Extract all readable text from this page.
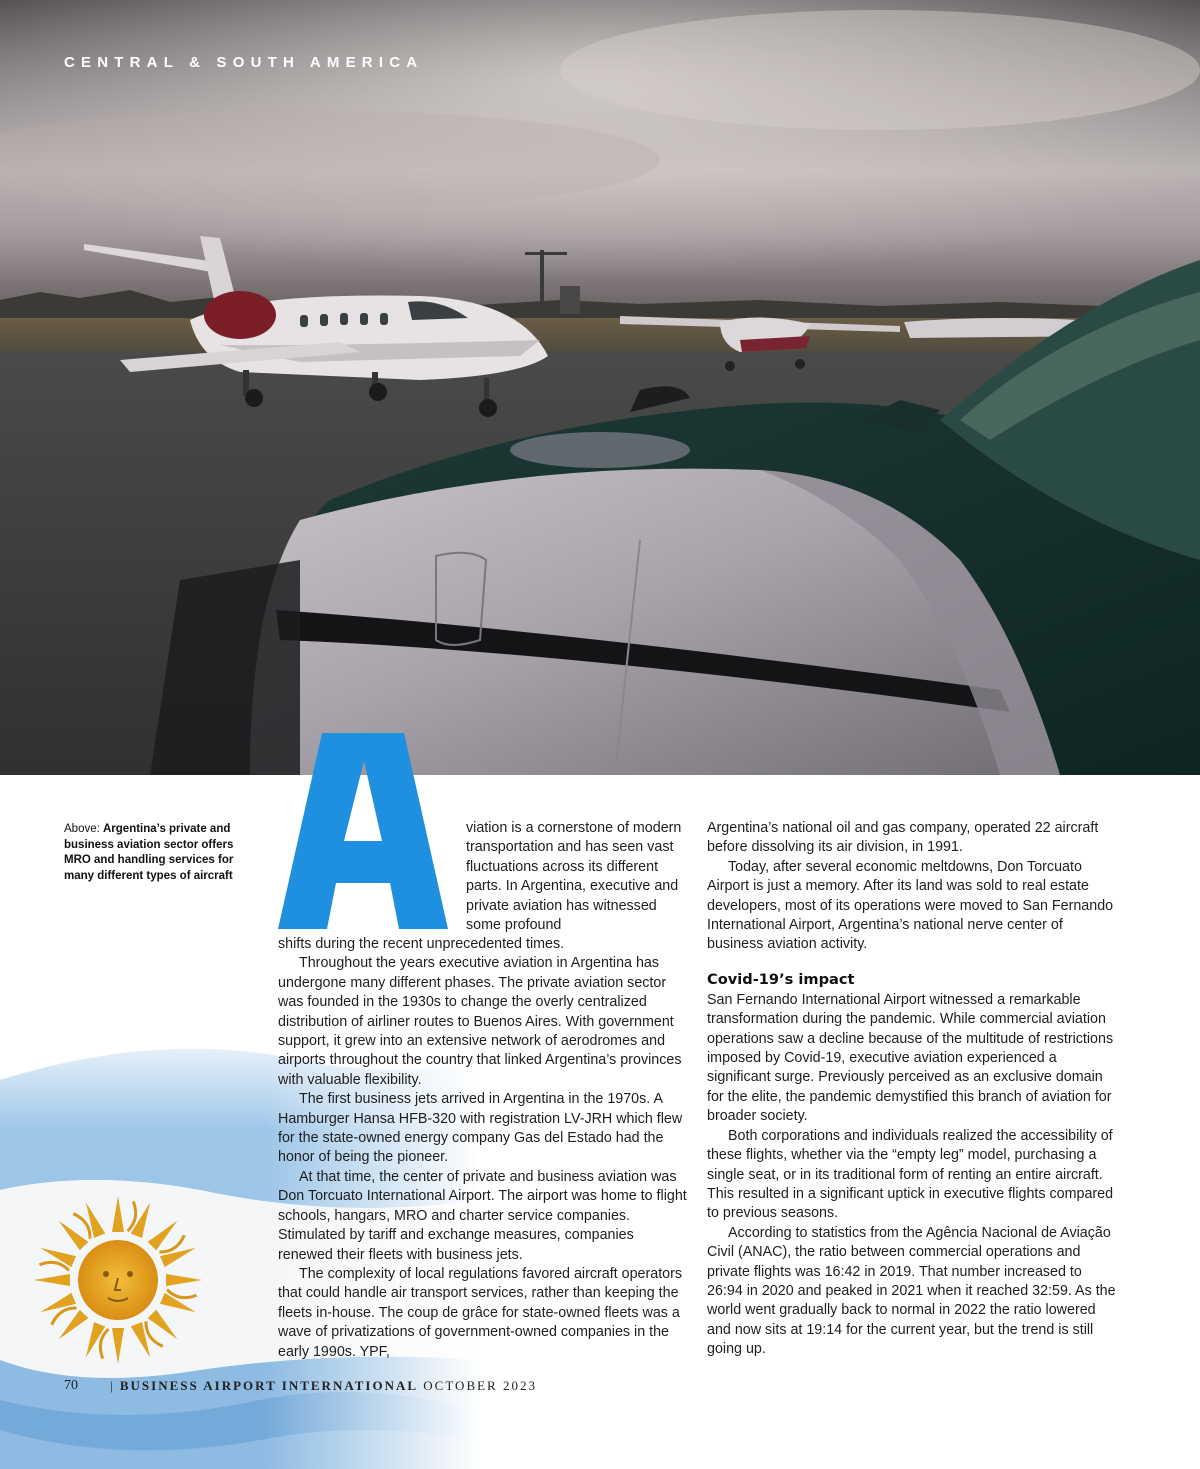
CENTRAL & SOUTH AMERICA

Above: Argentina’s private and business aviation sector offers MRO and handling services for many different types of aircraft

viation is a cornerstone of modern transportation and has seen vast fluctuations across its different parts. In Argentina, executive and private aviation has witnessed some profound

shifts during the recent unprecedented times.

Throughout the years executive aviation in Argentina has undergone many different phases. The private aviation sector was founded in the 1930s to change the overly centralized distribution of airliner routes to Buenos Aires. With government support, it grew into an extensive network of aerodromes and airports throughout the country that linked Argentina’s provinces with valuable flexibility.

The first business jets arrived in Argentina in the 1970s. A Hamburger Hansa HFB-320 with registration LV-JRH which flew for the state-owned energy company Gas del Estado had the honor of being the pioneer.

At that time, the center of private and business aviation was Don Torcuato International Airport. The airport was home to flight schools, hangars, MRO and charter service companies. Stimulated by tariff and exchange measures, companies renewed their fleets with business jets.

The complexity of local regulations favored aircraft operators that could handle air transport services, rather than keeping the fleets in-house. The coup de grâce for state-owned fleets was a wave of privatizations of government-owned companies in the early 1990s. YPF,

Argentina’s national oil and gas company, operated 22 aircraft before dissolving its air division, in 1991.

Today, after several economic meltdowns, Don Torcuato Airport is just a memory. After its land was sold to real estate developers, most of its operations were moved to San Fernando International Airport, Argentina’s national nerve center of business aviation activity.

Covid-19’s impact

San Fernando International Airport witnessed a remarkable transformation during the pandemic. While commercial aviation operations saw a decline because of the multitude of restrictions imposed by Covid-19, executive aviation experienced a significant surge. Previously perceived as an exclusive domain for the elite, the pandemic demystified this branch of aviation for broader society.

Both corporations and individuals realized the accessibility of these flights, whether via the “empty leg” model, purchasing a single seat, or in its traditional form of renting an entire aircraft. This resulted in a significant uptick in executive flights compared to previous seasons.

According to statistics from the Agência Nacional de Aviação Civil (ANAC), the ratio between commercial operations and private flights was 16:42 in 2019. That number increased to 26:94 in 2020 and peaked in 2021 when it reached 32:59. As the world went gradually back to normal in 2022 the ratio lowered and now sits at 19:14 for the current year, but the trend is still going up.

70 | BUSINESS AIRPORT INTERNATIONAL OCTOBER 2023
